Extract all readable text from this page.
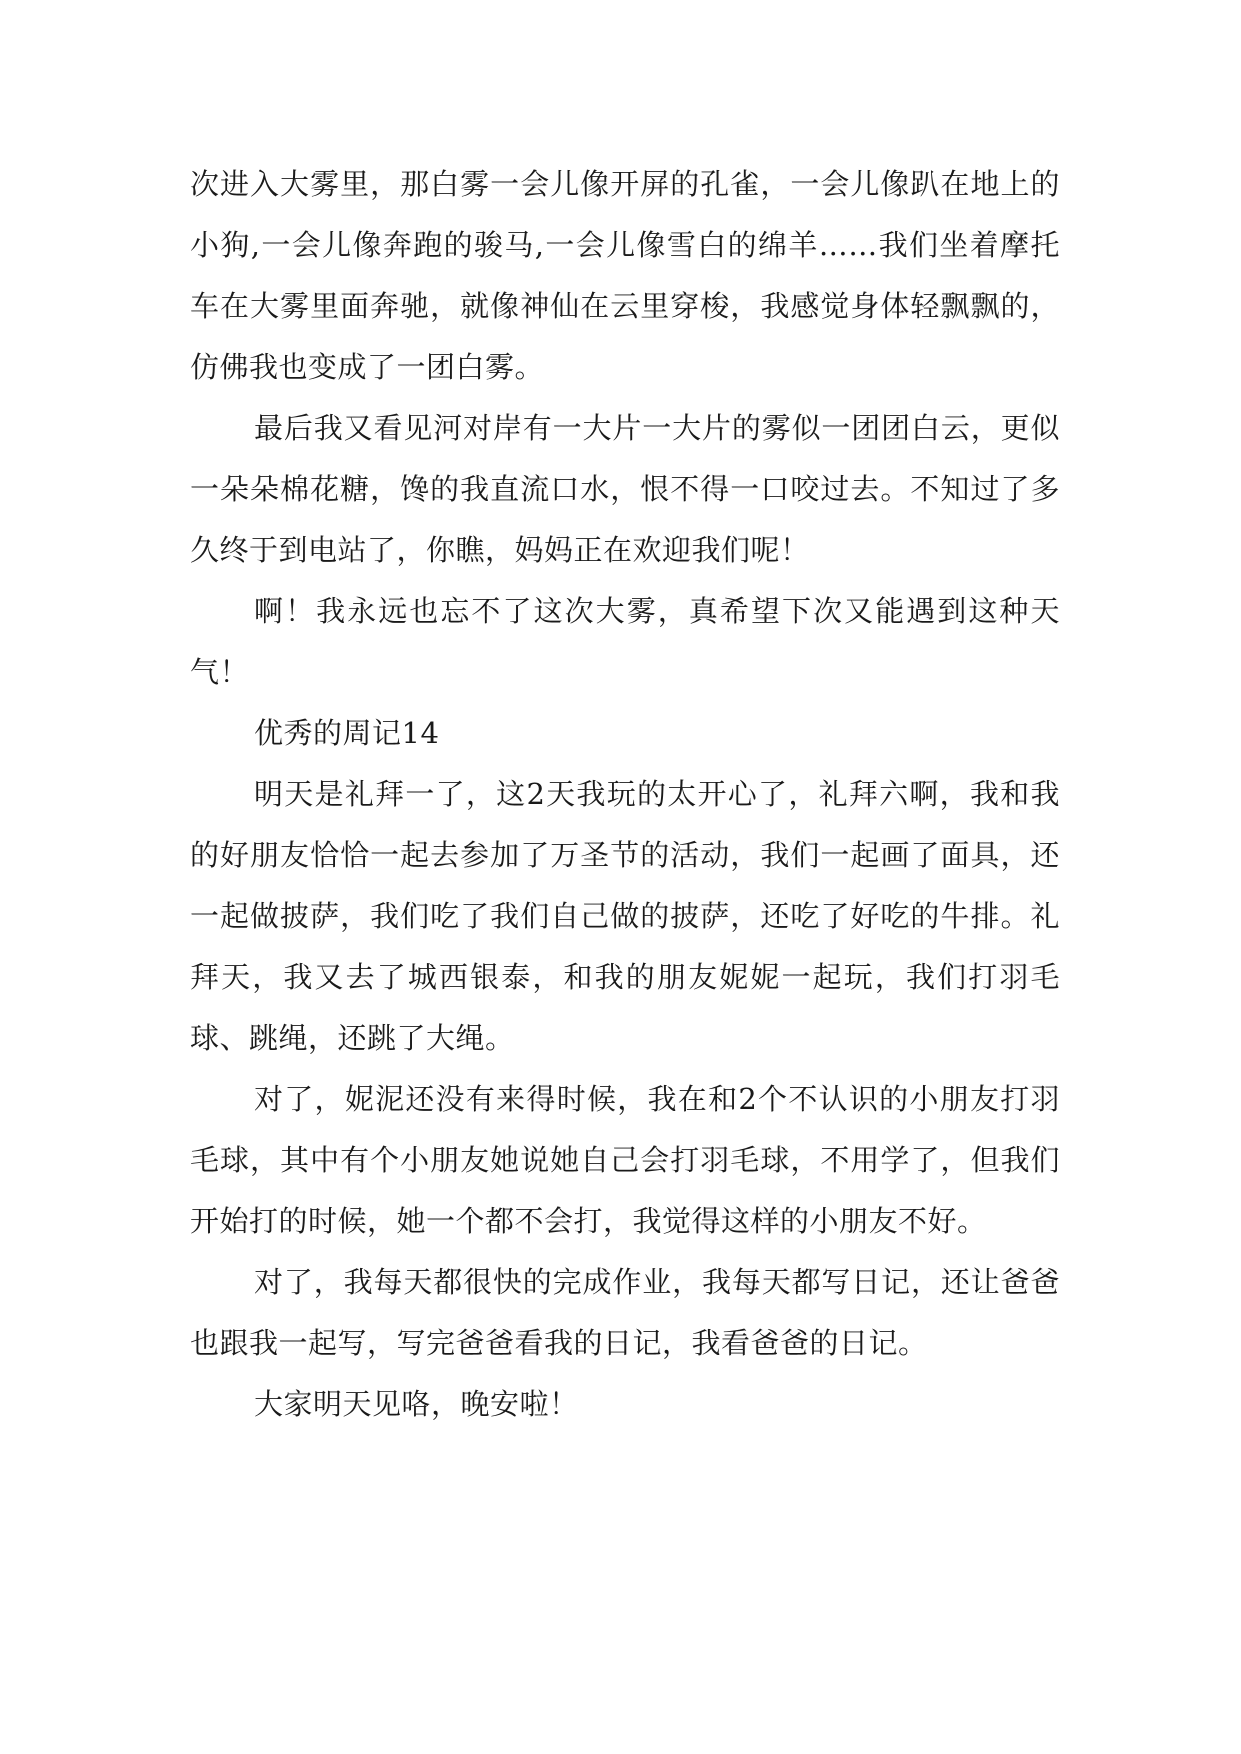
次进入大雾里，那白雾一会儿像开屏的孔雀，一会儿像趴在地上的小狗,一会儿像奔跑的骏马,一会儿像雪白的绵羊……我们坐着摩托车在大雾里面奔驰，就像神仙在云里穿梭，我感觉身体轻飘飘的，仿佛我也变成了一团白雾。

最后我又看见河对岸有一大片一大片的雾似一团团白云，更似一朵朵棉花糖，馋的我直流口水，恨不得一口咬过去。不知过了多久终于到电站了，你瞧，妈妈正在欢迎我们呢！

啊！我永远也忘不了这次大雾，真希望下次又能遇到这种天气！

优秀的周记14

明天是礼拜一了，这2天我玩的太开心了，礼拜六啊，我和我的好朋友恰恰一起去参加了万圣节的活动，我们一起画了面具，还一起做披萨，我们吃了我们自己做的披萨，还吃了好吃的牛排。礼拜天，我又去了城西银泰，和我的朋友妮妮一起玩，我们打羽毛球、跳绳，还跳了大绳。

对了，妮泥还没有来得时候，我在和2个不认识的小朋友打羽毛球，其中有个小朋友她说她自己会打羽毛球，不用学了，但我们开始打的时候，她一个都不会打，我觉得这样的小朋友不好。

对了，我每天都很快的完成作业，我每天都写日记，还让爸爸也跟我一起写，写完爸爸看我的日记，我看爸爸的日记。

大家明天见咯，晚安啦！
